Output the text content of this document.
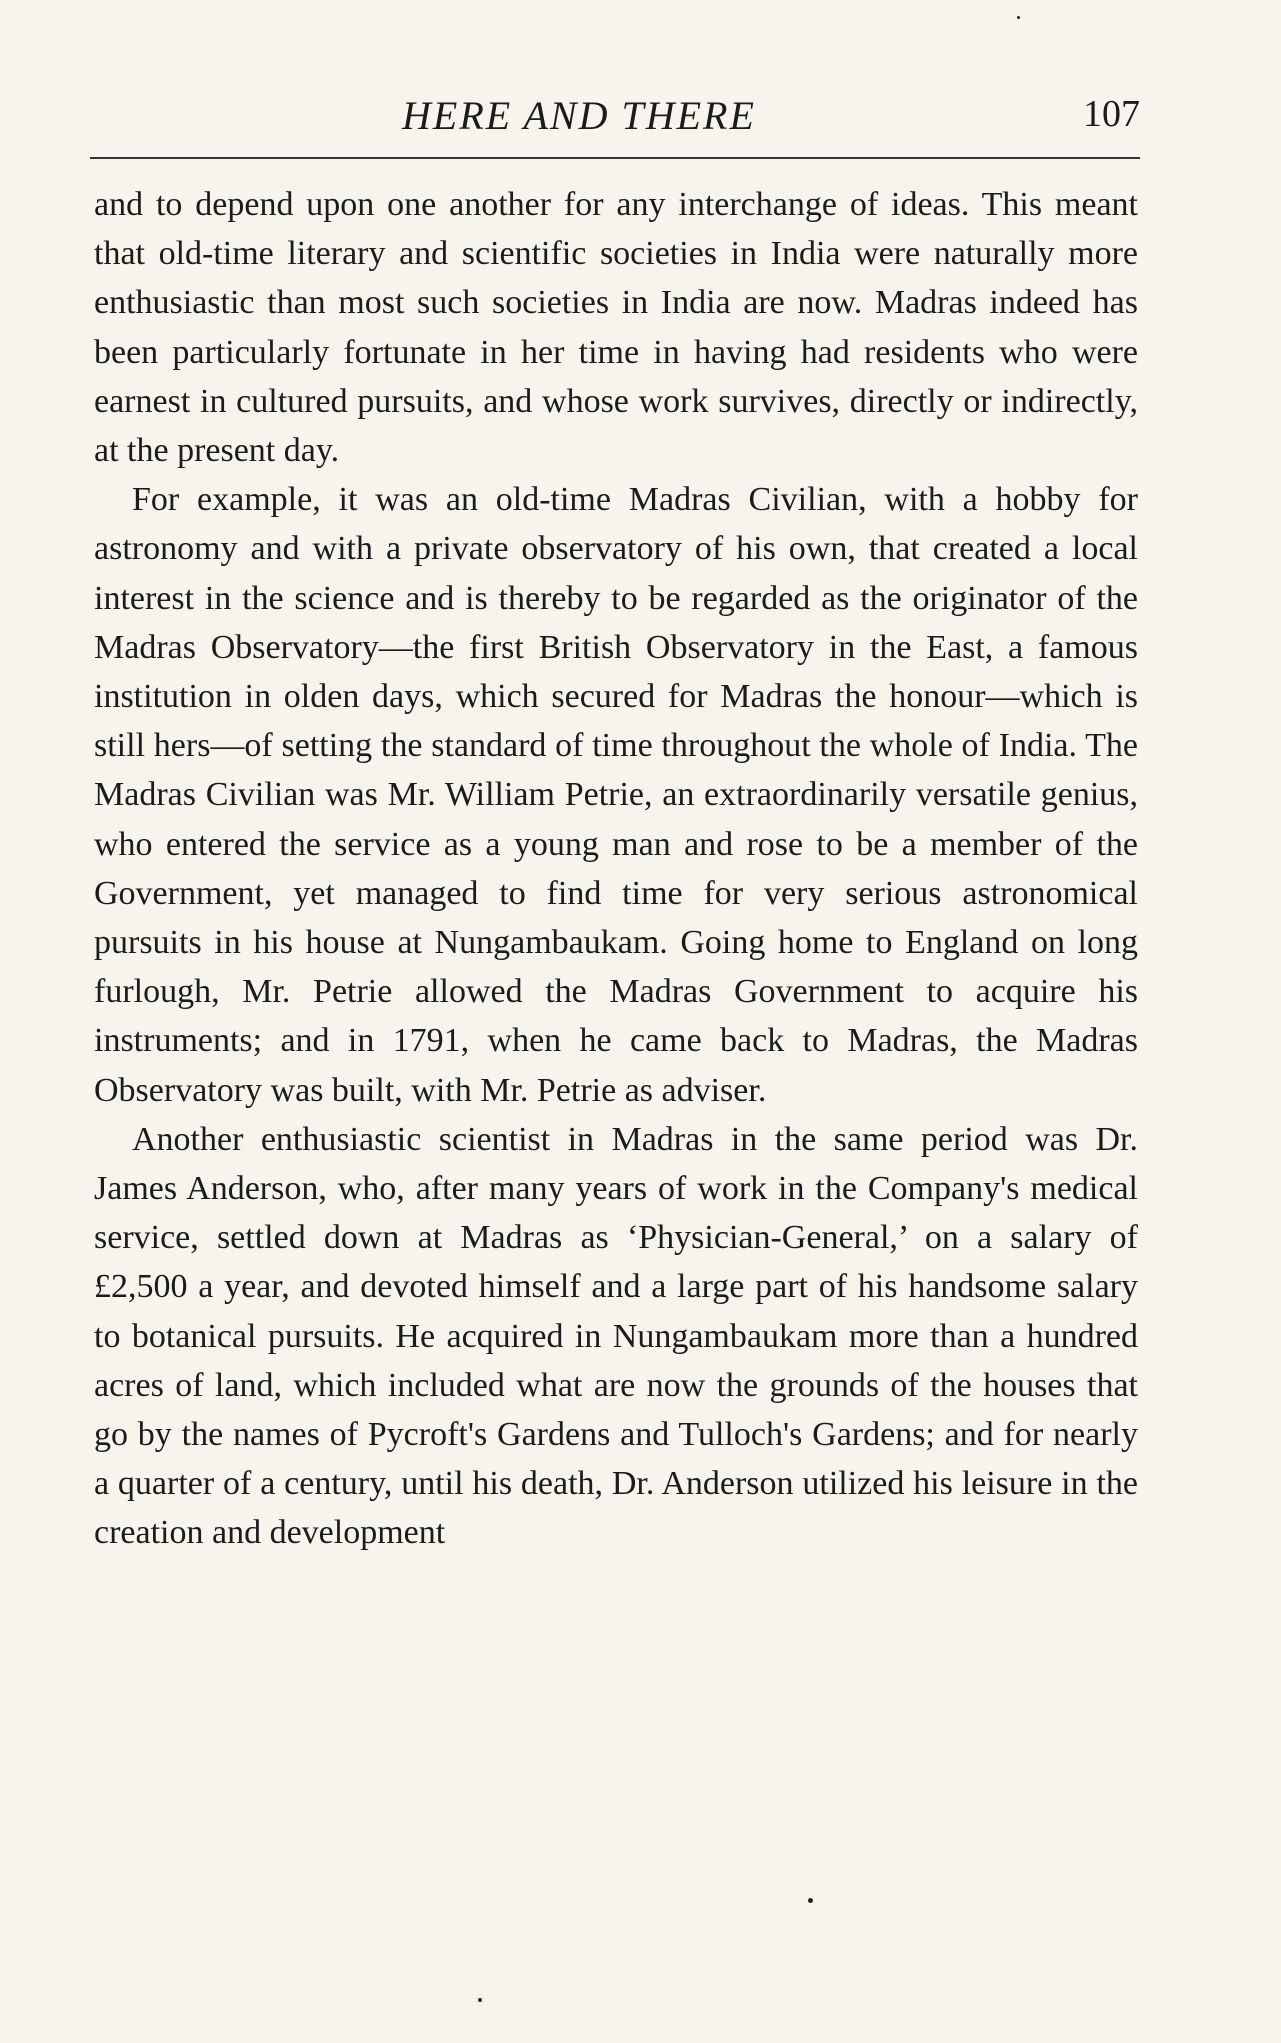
HERE AND THERE	107

and to depend upon one another for any interchange of ideas. This meant that old-time literary and scientific societies in India were naturally more enthusiastic than most such societies in India are now. Madras indeed has been particularly fortunate in her time in having had residents who were earnest in cultured pursuits, and whose work survives, directly or indirectly, at the present day.

For example, it was an old-time Madras Civilian, with a hobby for astronomy and with a private observatory of his own, that created a local interest in the science and is thereby to be regarded as the originator of the Madras Observatory—the first British Observatory in the East, a famous institution in olden days, which secured for Madras the honour—which is still hers—of setting the standard of time throughout the whole of India. The Madras Civilian was Mr. William Petrie, an extraordinarily versatile genius, who entered the service as a young man and rose to be a member of the Government, yet managed to find time for very serious astronomical pursuits in his house at Nungambaukam. Going home to England on long furlough, Mr. Petrie allowed the Madras Government to acquire his instruments; and in 1791, when he came back to Madras, the Madras Observatory was built, with Mr. Petrie as adviser.

Another enthusiastic scientist in Madras in the same period was Dr. James Anderson, who, after many years of work in the Company's medical service, settled down at Madras as ‘Physician-General,’ on a salary of £2,500 a year, and devoted himself and a large part of his handsome salary to botanical pursuits. He acquired in Nungambaukam more than a hundred acres of land, which included what are now the grounds of the houses that go by the names of Pycroft's Gardens and Tulloch's Gardens; and for nearly a quarter of a century, until his death, Dr. Anderson utilized his leisure in the creation and development
